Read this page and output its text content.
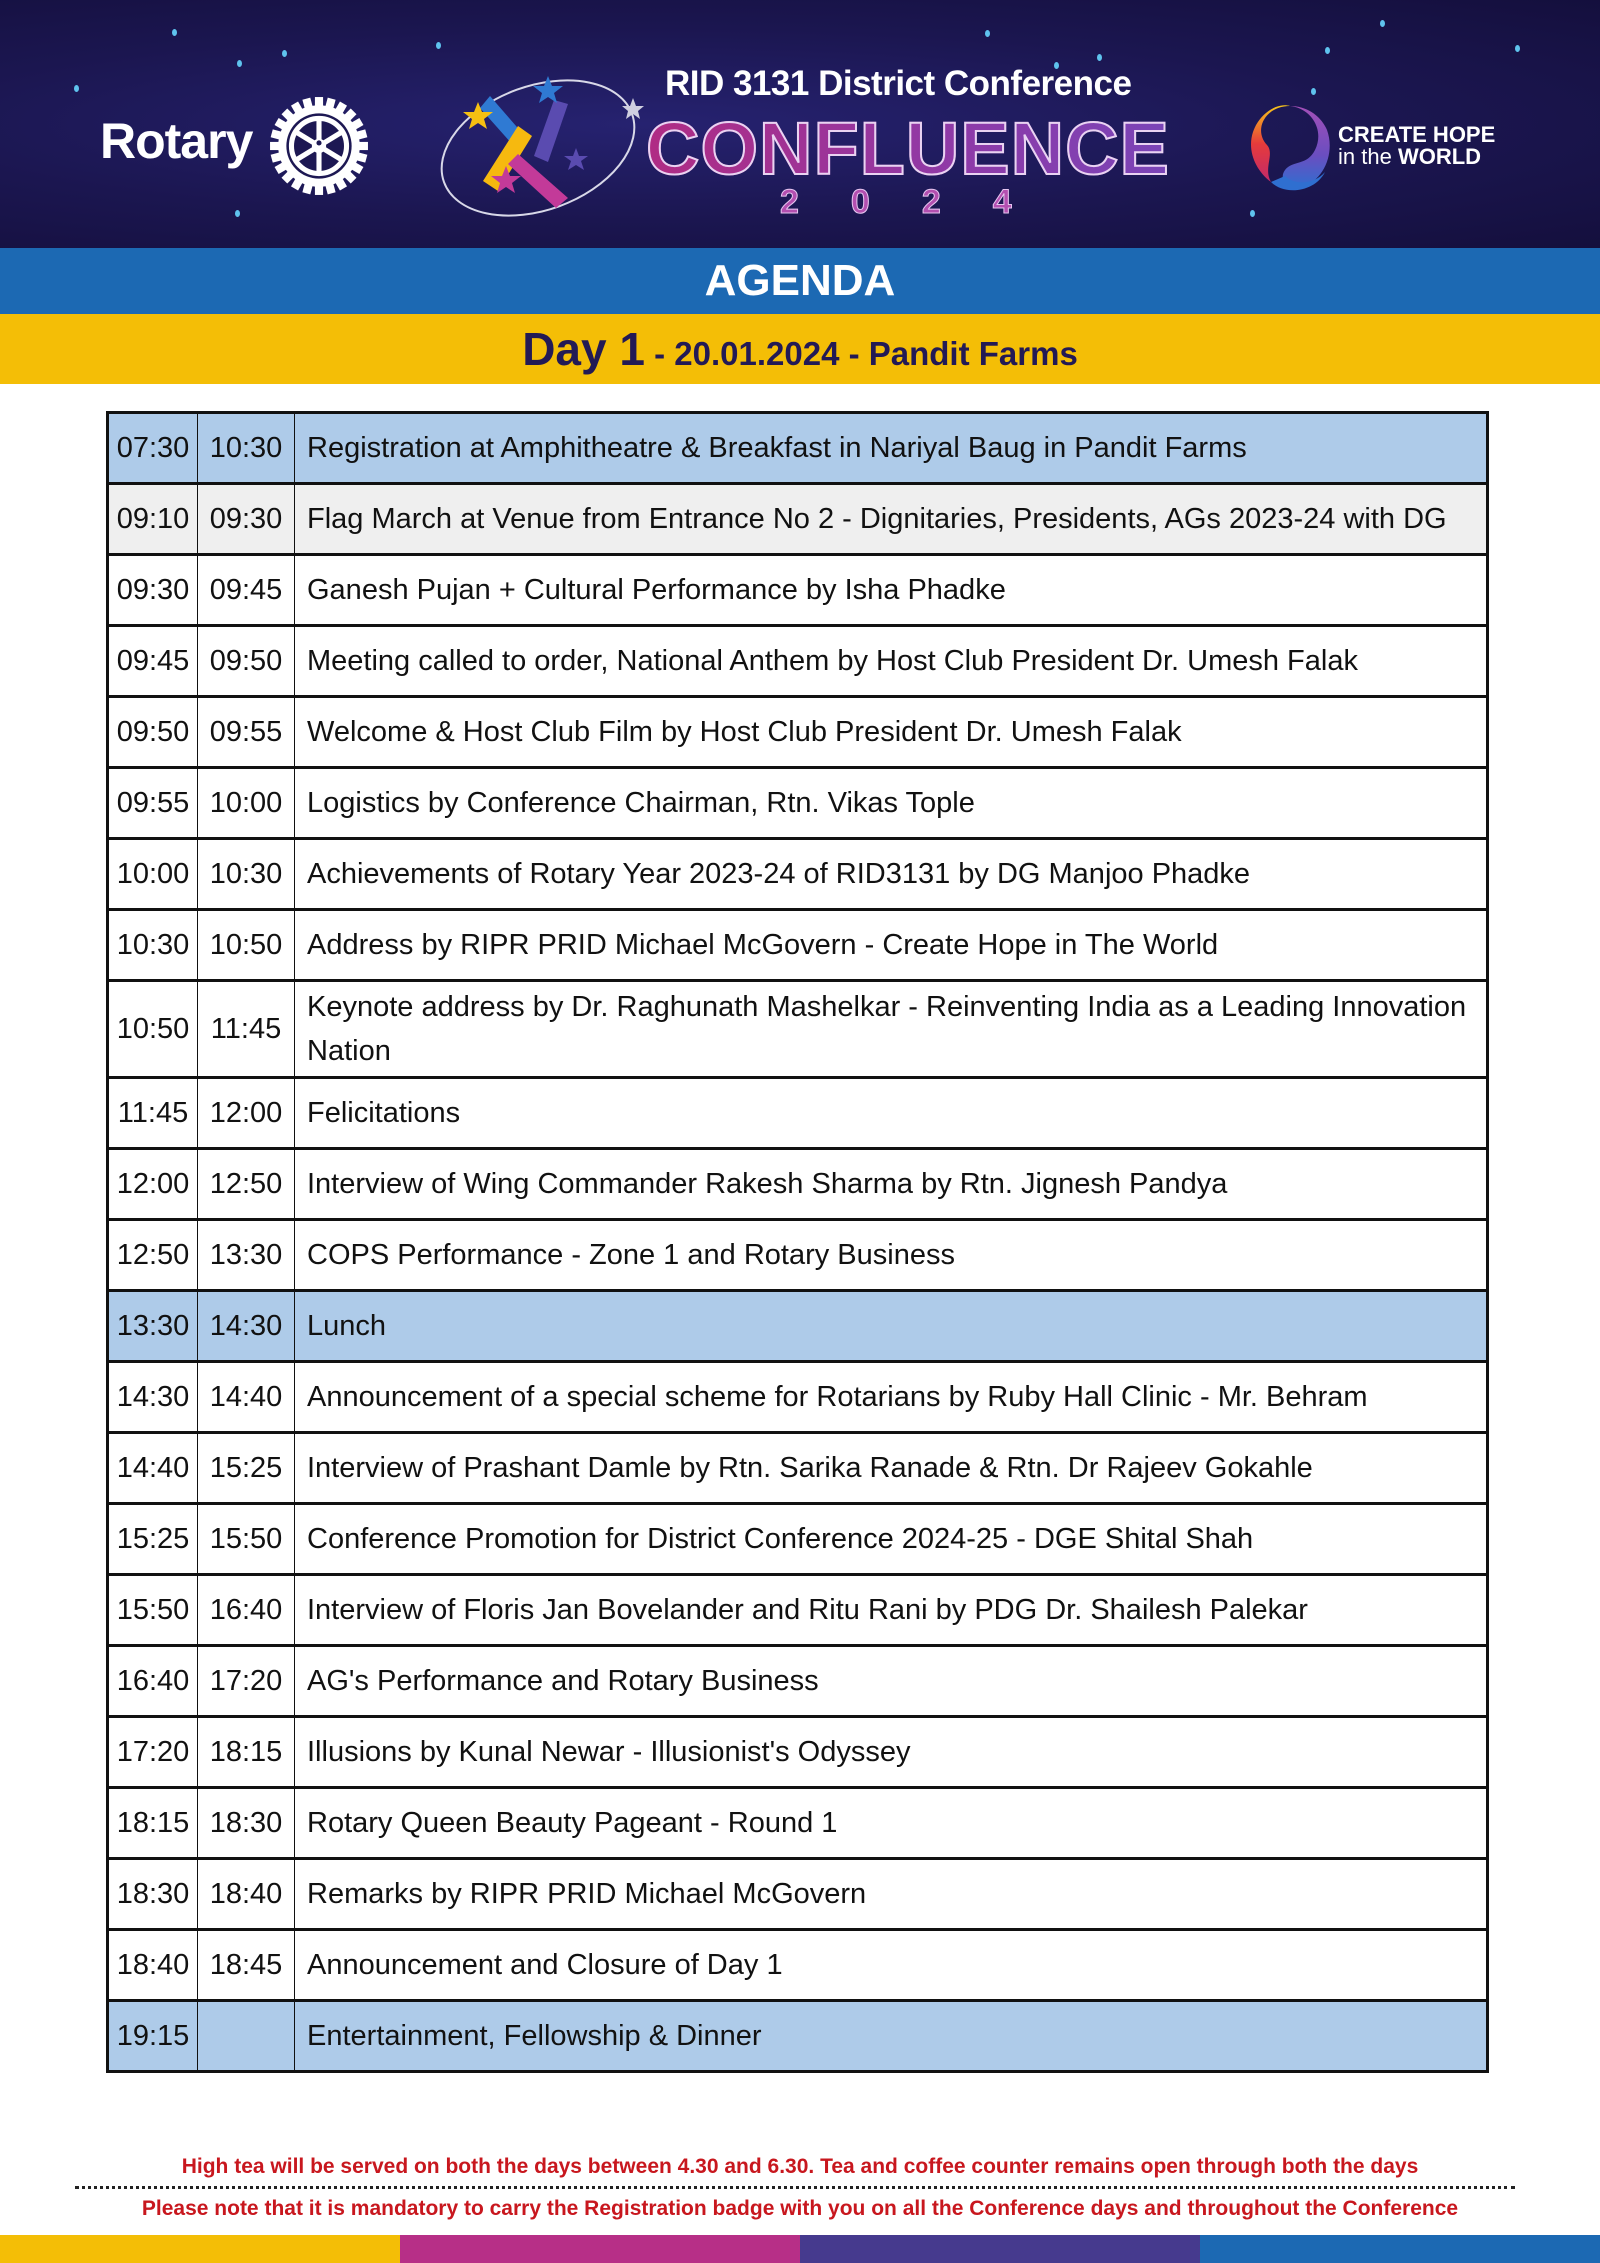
Rotary
RID 3131 District Conference
CONFLUENCE
2024
CREATE HOPE
in the WORLD
AGENDA
Day 1 - 20.01.2024 - Pandit Farms
07:30	10:30	Registration at Amphitheatre & Breakfast in Nariyal Baug in Pandit Farms
09:10	09:30	Flag March at Venue from Entrance No 2 - Dignitaries, Presidents, AGs 2023-24 with DG
09:30	09:45	Ganesh Pujan + Cultural Performance by Isha Phadke
09:45	09:50	Meeting called to order, National Anthem by Host Club President Dr. Umesh Falak
09:50	09:55	Welcome & Host Club Film by Host Club President Dr. Umesh Falak
09:55	10:00	Logistics by Conference Chairman, Rtn. Vikas Tople
10:00	10:30	Achievements of Rotary Year 2023-24 of RID3131 by DG Manjoo Phadke
10:30	10:50	Address by RIPR PRID Michael McGovern - Create Hope in The World
10:50	11:45	Keynote address by Dr. Raghunath Mashelkar - Reinventing India as a Leading Innovation Nation
11:45	12:00	Felicitations
12:00	12:50	Interview of Wing Commander Rakesh Sharma by Rtn. Jignesh Pandya
12:50	13:30	COPS Performance - Zone 1 and Rotary Business
13:30	14:30	Lunch
14:30	14:40	Announcement of a special scheme for Rotarians by Ruby Hall Clinic - Mr. Behram
14:40	15:25	Interview of Prashant Damle by Rtn. Sarika Ranade & Rtn. Dr Rajeev Gokahle
15:25	15:50	Conference Promotion for District Conference 2024-25 - DGE Shital Shah
15:50	16:40	Interview of Floris Jan Bovelander and Ritu Rani by PDG Dr. Shailesh Palekar
16:40	17:20	AG's Performance and Rotary Business
17:20	18:15	Illusions by Kunal Newar - Illusionist's Odyssey
18:15	18:30	Rotary Queen Beauty Pageant - Round 1
18:30	18:40	Remarks by RIPR PRID Michael McGovern
18:40	18:45	Announcement and Closure of Day 1
19:15		Entertainment, Fellowship & Dinner
High tea will be served on both the days between 4.30 and 6.30. Tea and coffee counter remains open through both the days
Please note that it is mandatory to carry the Registration badge with you on all the Conference days and throughout the Conference
